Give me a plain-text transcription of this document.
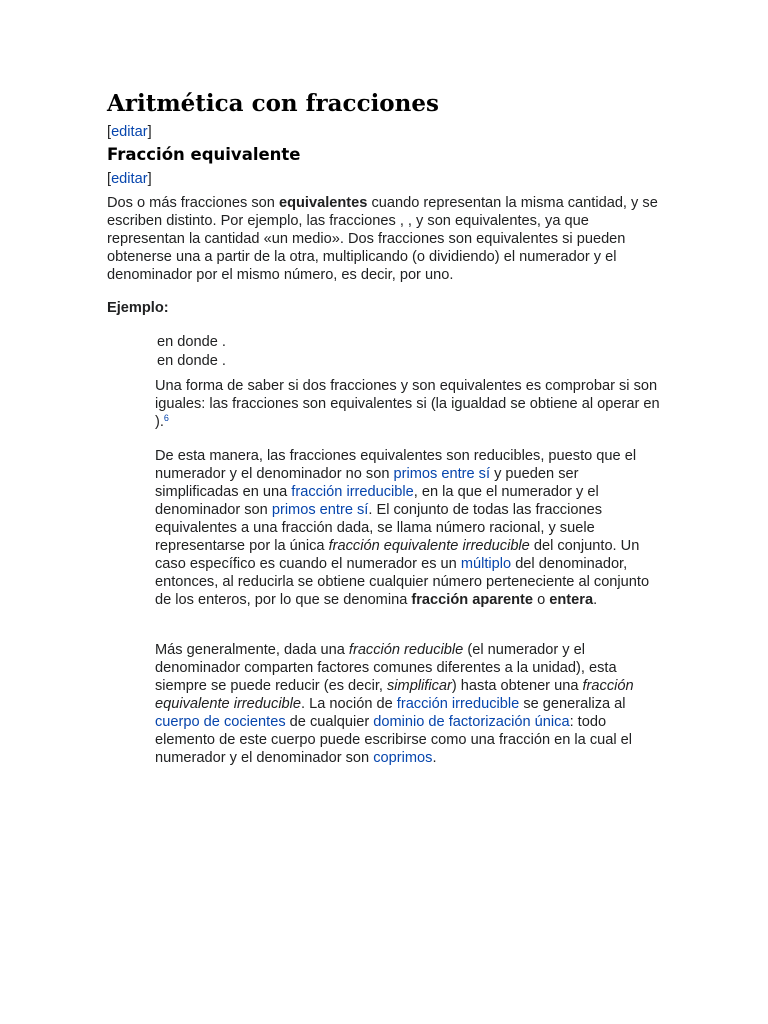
Aritmética con fracciones
[editar]
Fracción equivalente
[editar]

Dos o más fracciones son equivalentes cuando representan la misma cantidad, y se escriben distinto. Por ejemplo, las fracciones , , y son equivalentes, ya que representan la cantidad «un medio». Dos fracciones son equivalentes si pueden obtenerse una a partir de la otra, multiplicando (o dividiendo) el numerador y el denominador por el mismo número, es decir, por uno.

Ejemplo:

en donde .
en donde .

Una forma de saber si dos fracciones y son equivalentes es comprobar si son iguales: las fracciones son equivalentes si (la igualdad se obtiene al operar en ).$^6$

De esta manera, las fracciones equivalentes son reducibles, puesto que el numerador y el denominador no son primos entre sí y pueden ser simplificadas en una fracción irreducible, en la que el numerador y el denominador son primos entre sí. El conjunto de todas las fracciones equivalentes a una fracción dada, se llama número racional, y suele representarse por la única fracción equivalente irreducible del conjunto. Un caso específico es cuando el numerador es un múltiplo del denominador, entonces, al reducirla se obtiene cualquier número perteneciente al conjunto de los enteros, por lo que se denomina fracción aparente o entera.

Más generalmente, dada una fracción reducible (el numerador y el denominador comparten factores comunes diferentes a la unidad), esta siempre se puede reducir (es decir, simplificar) hasta obtener una fracción equivalente irreducible. La noción de fracción irreducible se generaliza al cuerpo de cocientes de cualquier dominio de factorización única: todo elemento de este cuerpo puede escribirse como una fracción en la cual el numerador y el denominador son coprimos.
